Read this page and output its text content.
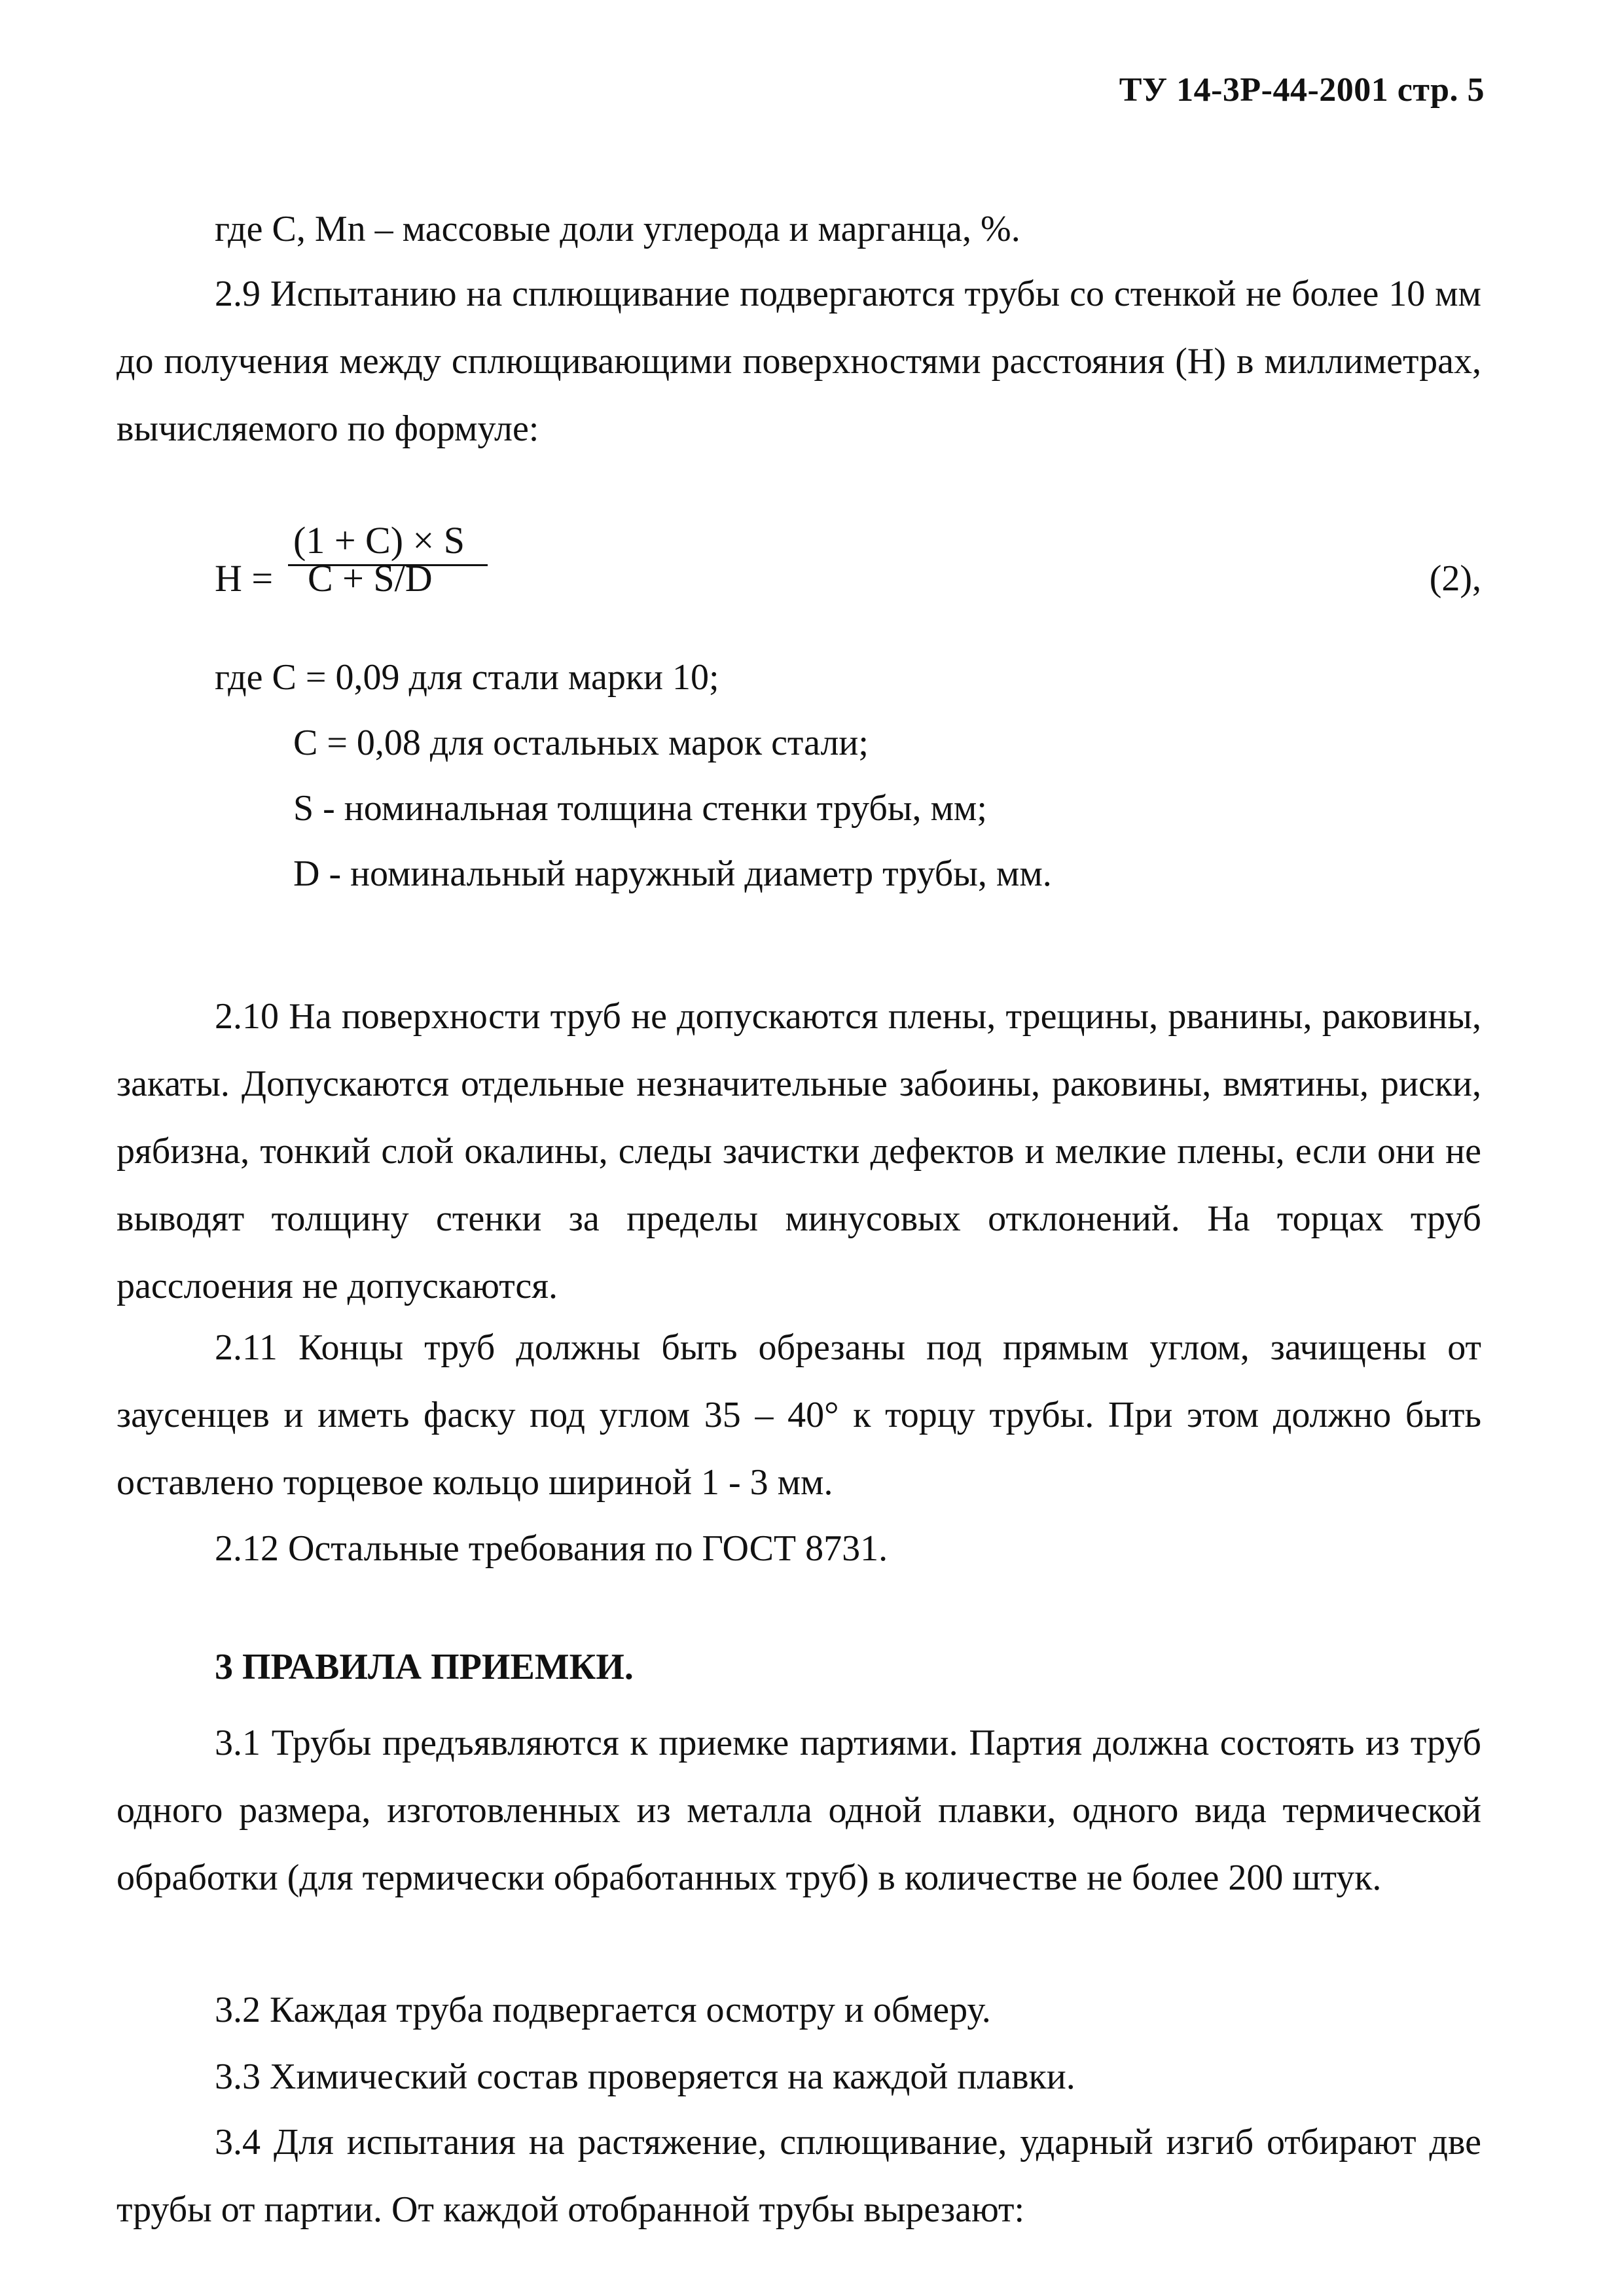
ТУ 14-3Р-44-2001 стр. 5

где С, Mn – массовые доли углерода и марганца, %.

2.9 Испытанию на сплющивание подвергаются трубы со стенкой не более 10 мм до получения между сплющивающими поверхностями расстояния (Н) в миллиметрах, вычисляемого по формуле:

Н =
(1 + С) × S
С + S/D	(2),

где С = 0,09 для стали марки 10;

С = 0,08 для остальных марок стали;

S - номинальная толщина стенки трубы, мм;

D - номинальный наружный диаметр трубы, мм.

2.10 На поверхности труб не допускаются плены, трещины, рванины, раковины, закаты. Допускаются отдельные незначительные забоины, раковины, вмятины, риски, рябизна, тонкий слой окалины, следы зачистки дефектов и мелкие плены, если они не выводят толщину стенки за пределы минусовых отклонений. На торцах труб расслоения не допускаются.

2.11 Концы труб должны быть обрезаны под прямым углом, зачищены от заусенцев и иметь фаску под углом 35 – 40° к торцу трубы. При этом должно быть оставлено торцевое кольцо шириной 1 - 3 мм.

2.12 Остальные требования по ГОСТ 8731.

3 ПРАВИЛА ПРИЕМКИ.

3.1 Трубы предъявляются к приемке партиями. Партия должна состоять из труб одного размера, изготовленных из металла одной плавки, одного вида термической обработки (для термически обработанных труб) в количестве не более 200 штук.

3.2 Каждая труба подвергается осмотру и обмеру.

3.3 Химический состав проверяется на каждой плавки.

3.4 Для испытания на растяжение, сплющивание, ударный изгиб отбирают две трубы от партии. От каждой отобранной трубы вырезают:
